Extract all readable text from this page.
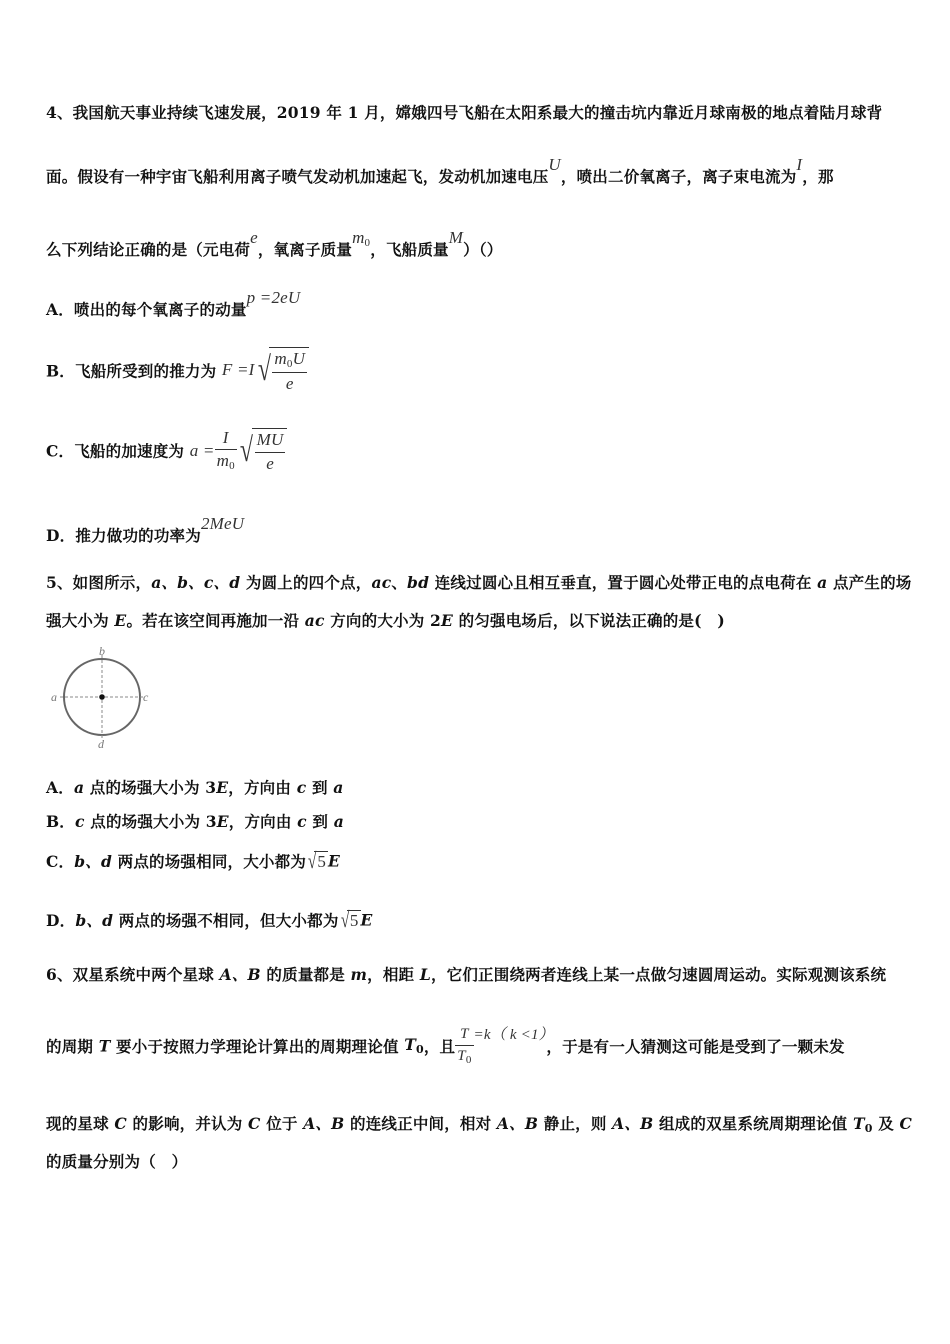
4、我国航天事业持续飞速发展，2019 年 1 月，嫦娥四号飞船在太阳系最大的撞击坑内靠近月球南极的地点着陆月球背
面。假设有一种宇宙飞船利用离子喷气发动机加速起飞，发动机加速电压U，喷出二价氧离子，离子束电流为I，那
么下列结论正确的是（元电荷e，氧离子质量$m_0$，飞船质量M）（）
A．喷出的每个氧离子的动量p =2eU
B．飞船所受到的推力为 $F =I√ \frac{m_0U}{e}$
C．飞船的加速度为 $a = \frac{I}{m_0}$ √ $\frac{MU}{e}$
D．推力做功的功率为2MeU
5、如图所示，a、b、c、d 为圆上的四个点，ac、bd 连线过圆心且相互垂直，置于圆心处带正电的点电荷在 a 点产生的场
强大小为 E。若在该空间再施加一沿 ac 方向的大小为 2E 的匀强电场后，以下说法正确的是(　)
b
a	c
d
A．a 点的场强大小为 3E，方向由 c 到 a
B．c 点的场强大小为 3E，方向由 c 到 a
C．b、d 两点的场强相同，大小都为√5 E
D．b、d 两点的场强不相同，但大小都为√5 E
6、双星系统中两个星球 A、B 的质量都是 m，相距 L，它们正围绕两者连线上某一点做匀速圆周运动。实际观测该系统
的周期 T 要小于按照力学理论计算出的周期理论值 $T_0$，且 $\frac{T}{T_0} =k$（ k <1），于是有一人猜测这可能是受到了一颗未发
现的星球 C 的影响，并认为 C 位于 A、B 的连线正中间，相对 A、B 静止，则 A、B 组成的双星系统周期理论值 $T_0$ 及 C
的质量分别为（　）
